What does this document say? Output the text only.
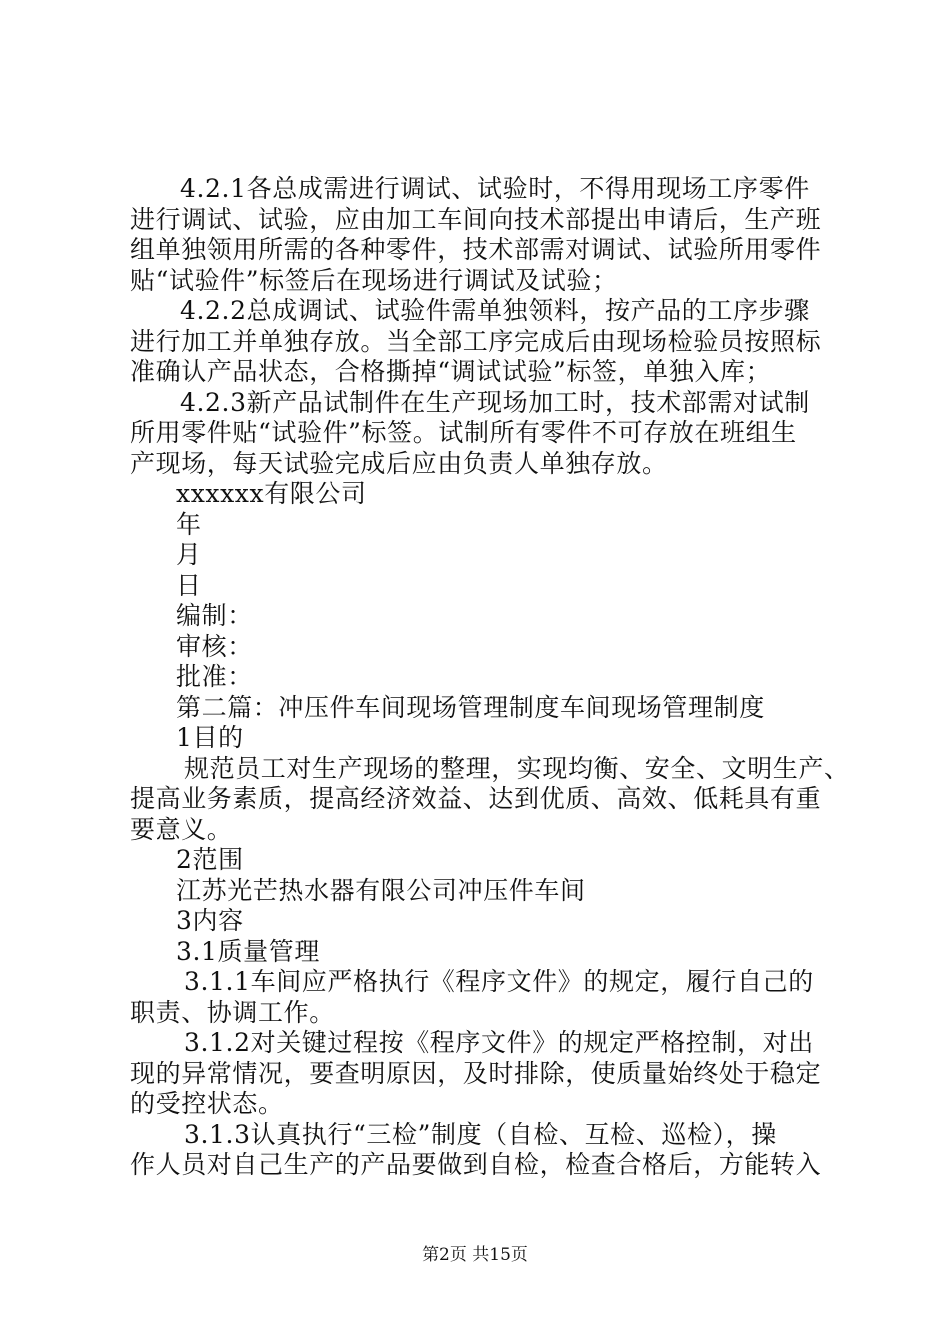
4.2.1各总成需进行调试、试验时，不得用现场工序零件
进行调试、试验，应由加工车间向技术部提出申请后，生产班
组单独领用所需的各种零件，技术部需对调试、试验所用零件
贴“试验件”标签后在现场进行调试及试验；
4.2.2总成调试、试验件需单独领料，按产品的工序步骤
进行加工并单独存放。当全部工序完成后由现场检验员按照标
准确认产品状态，合格撕掉“调试试验”标签，单独入库；
4.2.3新产品试制件在生产现场加工时，技术部需对试制
所用零件贴“试验件”标签。试制所有零件不可存放在班组生
产现场，每天试验完成后应由负责人单独存放。
xxxxxx有限公司
年
月
日
编制：
审核：
批准：
第二篇：冲压件车间现场管理制度车间现场管理制度
1目的
规范员工对生产现场的整理，实现均衡、安全、文明生产、
提高业务素质，提高经济效益、达到优质、高效、低耗具有重
要意义。
2范围
江苏光芒热水器有限公司冲压件车间
3内容
3.1质量管理
3.1.1车间应严格执行《程序文件》的规定，履行自己的
职责、协调工作。
3.1.2对关键过程按《程序文件》的规定严格控制，对出
现的异常情况，要查明原因，及时排除，使质量始终处于稳定
的受控状态。
3.1.3认真执行“三检”制度（自检、互检、巡检），操
作人员对自己生产的产品要做到自检，检查合格后，方能转入
第2页 共15页
